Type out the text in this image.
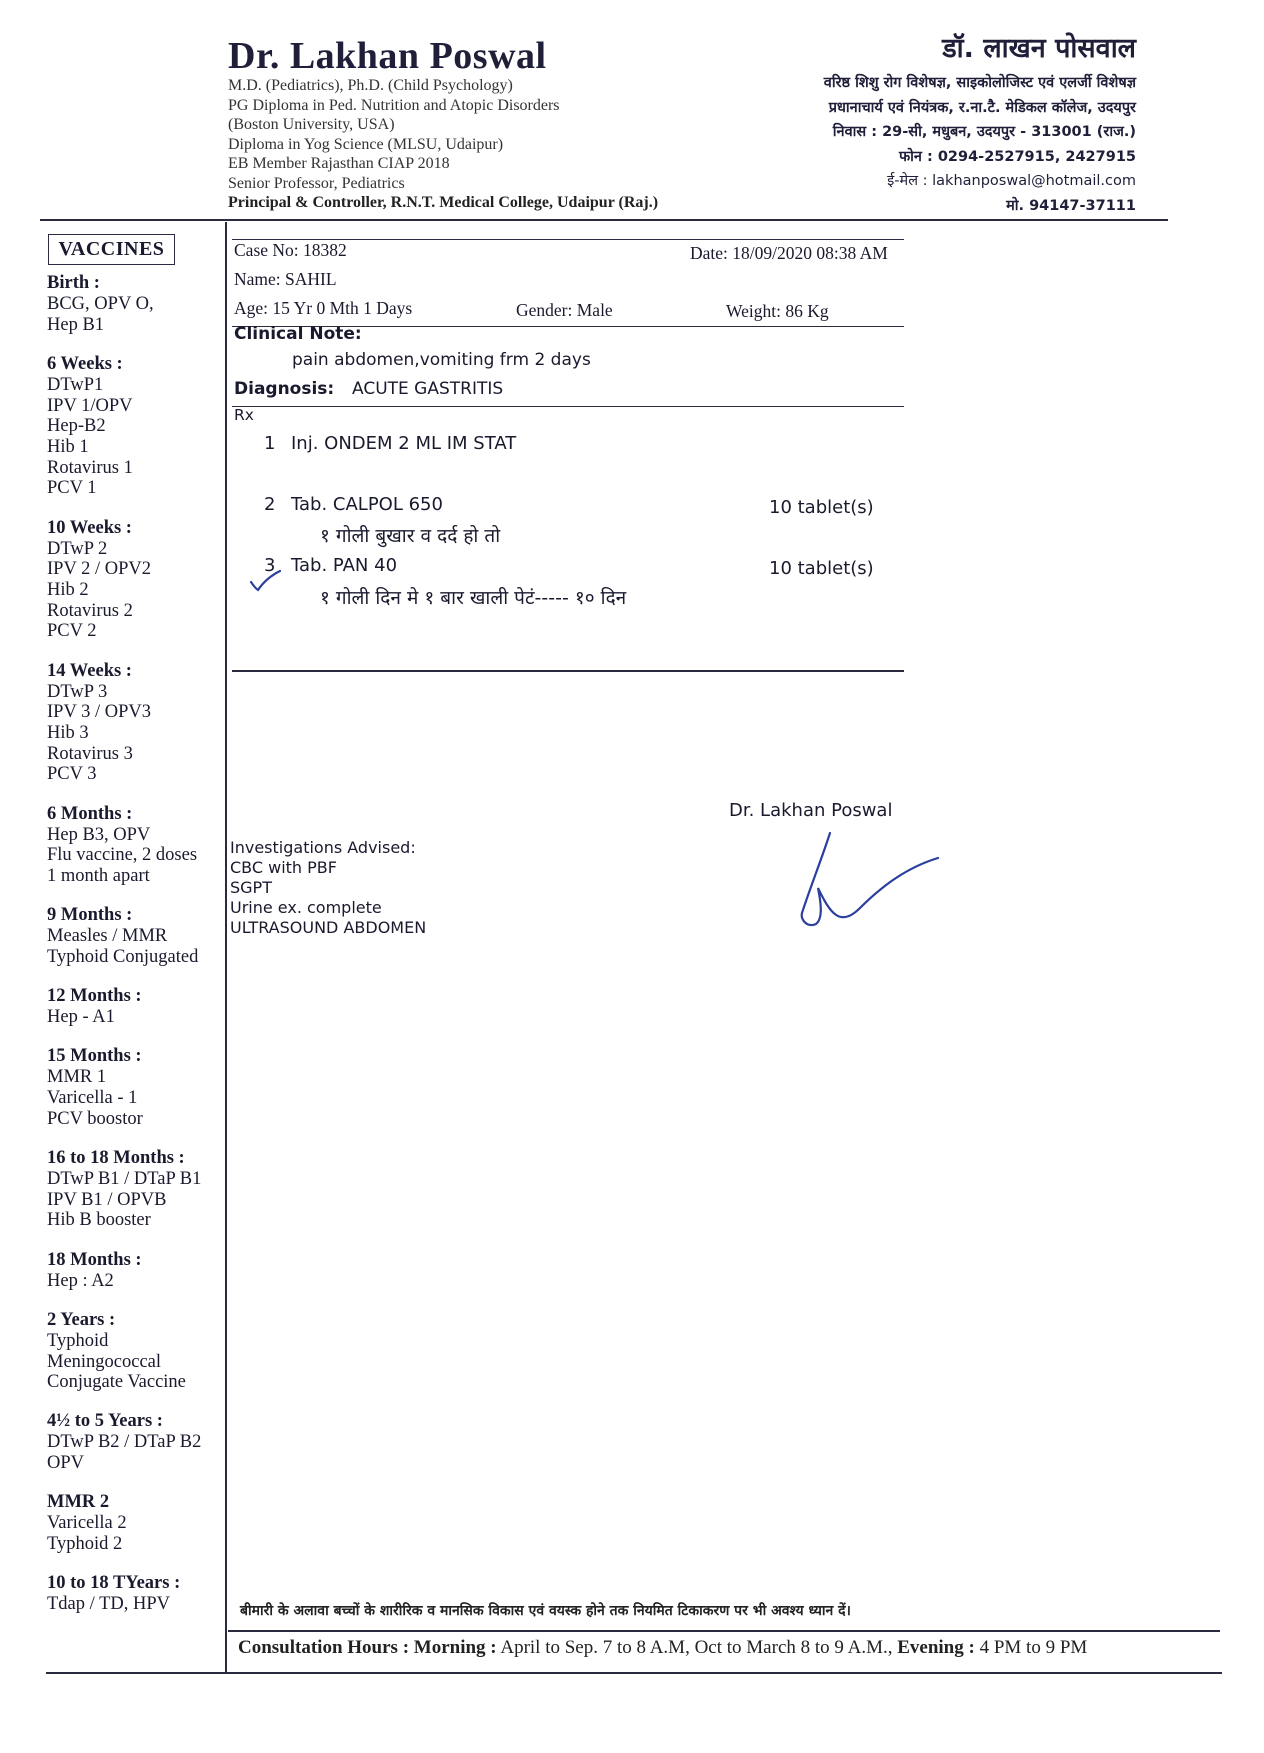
Dr. Lakhan Poswal
M.D. (Pediatrics), Ph.D. (Child Psychology)
PG Diploma in Ped. Nutrition and Atopic Disorders
(Boston University, USA)
Diploma in Yog Science (MLSU, Udaipur)
EB Member Rajasthan CIAP 2018
Senior Professor, Pediatrics
Principal & Controller, R.N.T. Medical College, Udaipur (Raj.)
डॉ. लाखन पोसवाल
वरिष्ठ शिशु रोग विशेषज्ञ, साइकोलोजिस्ट एवं एलर्जी विशेषज्ञ
प्रधानाचार्य एवं नियंत्रक, र.ना.टै. मेडिकल कॉलेज, उदयपुर
निवास : 29-सी, मधुबन, उदयपुर - 313001 (राज.)
फोन : 0294-2527915, 2427915
ई-मेल : lakhanposwal@hotmail.com
मो. 94147-37111
VACCINES
Birth :
BCG, OPV O,
Hep B1
6 Weeks :
DTwP1
IPV 1/OPV
Hep-B2
Hib 1
Rotavirus 1
PCV 1
10 Weeks :
DTwP 2
IPV 2 / OPV2
Hib 2
Rotavirus 2
PCV 2
14 Weeks :
DTwP 3
IPV 3 / OPV3
Hib 3
Rotavirus 3
PCV 3
6 Months :
Hep B3, OPV
Flu vaccine, 2 doses
1 month apart
9 Months :
Measles / MMR
Typhoid Conjugated
12 Months :
Hep - A1
15 Months :
MMR 1
Varicella - 1
PCV boostor
16 to 18 Months :
DTwP B1 / DTaP B1
IPV B1 / OPVB
Hib B booster
18 Months :
Hep : A2
2 Years :
Typhoid
Meningococcal
Conjugate Vaccine
4½ to 5 Years :
DTwP B2 / DTaP B2
OPV
MMR 2
Varicella 2
Typhoid 2
10 to 18 TYears :
Tdap / TD, HPV
Case No: 18382	Date: 18/09/2020 08:38 AM
Name: SAHIL
Age: 15 Yr 0 Mth 1 Days	Gender: Male	Weight: 86 Kg
Clinical Note:
pain abdomen,vomiting frm 2 days
Diagnosis: ACUTE GASTRITIS
Rx
1 Inj. ONDEM 2 ML IM STAT
2 Tab. CALPOL 650	10 tablet(s)
१ गोली बुखार व दर्द हो तो
3 Tab. PAN 40	10 tablet(s)
१ गोली दिन मे १ बार खाली पेटं----- १० दिन
Dr. Lakhan Poswal
Investigations Advised:
CBC with PBF
SGPT
Urine ex. complete
ULTRASOUND ABDOMEN
बीमारी के अलावा बच्चों के शारीरिक व मानसिक विकास एवं वयस्क होने तक नियमित टिकाकरण पर भी अवश्य ध्यान दें।
Consultation Hours : Morning : April to Sep. 7 to 8 A.M, Oct to March 8 to 9 A.M., Evening : 4 PM to 9 PM
